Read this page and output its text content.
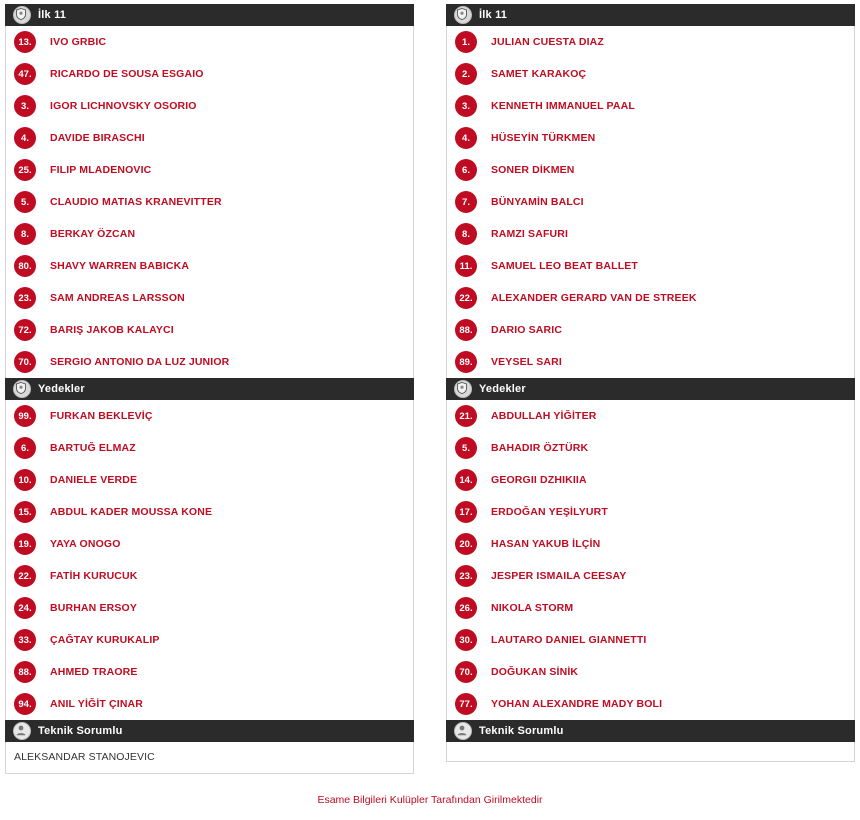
İlk 11
13.	IVO GRBIC
47.	RICARDO DE SOUSA ESGAIO
3.	IGOR LICHNOVSKY OSORIO
4.	DAVIDE BIRASCHI
25.	FILIP MLADENOVIC
5.	CLAUDIO MATIAS KRANEVITTER
8.	BERKAY ÖZCAN
80.	SHAVY WARREN BABICKA
23.	SAM ANDREAS LARSSON
72.	BARIŞ JAKOB KALAYCI
70.	SERGIO ANTONIO DA LUZ JUNIOR
Yedekler
99.	FURKAN BEKLEVİÇ
6.	BARTUĞ ELMAZ
10.	DANIELE VERDE
15.	ABDUL KADER MOUSSA KONE
19.	YAYA ONOGO
22.	FATİH KURUCUK
24.	BURHAN ERSOY
33.	ÇAĞTAY KURUKALIP
88.	AHMED TRAORE
94.	ANIL YİĞİT ÇINAR
Teknik Sorumlu
ALEKSANDAR STANOJEVIC
İlk 11
1.	JULIAN CUESTA DIAZ
2.	SAMET KARAKOÇ
3.	KENNETH IMMANUEL PAAL
4.	HÜSEYİN TÜRKMEN
6.	SONER DİKMEN
7.	BÜNYAMİN BALCI
8.	RAMZI SAFURI
11.	SAMUEL LEO BEAT BALLET
22.	ALEXANDER GERARD VAN DE STREEK
88.	DARIO SARIC
89.	VEYSEL SARI
Yedekler
21.	ABDULLAH YİĞİTER
5.	BAHADIR ÖZTÜRK
14.	GEORGII DZHIKIIA
17.	ERDOĞAN YEŞİLYURT
20.	HASAN YAKUB İLÇİN
23.	JESPER ISMAILA CEESAY
26.	NIKOLA STORM
30.	LAUTARO DANIEL GIANNETTI
70.	DOĞUKAN SİNİK
77.	YOHAN ALEXANDRE MADY BOLI
Teknik Sorumlu
Esame Bilgileri Kulüpler Tarafından Girilmektedir
